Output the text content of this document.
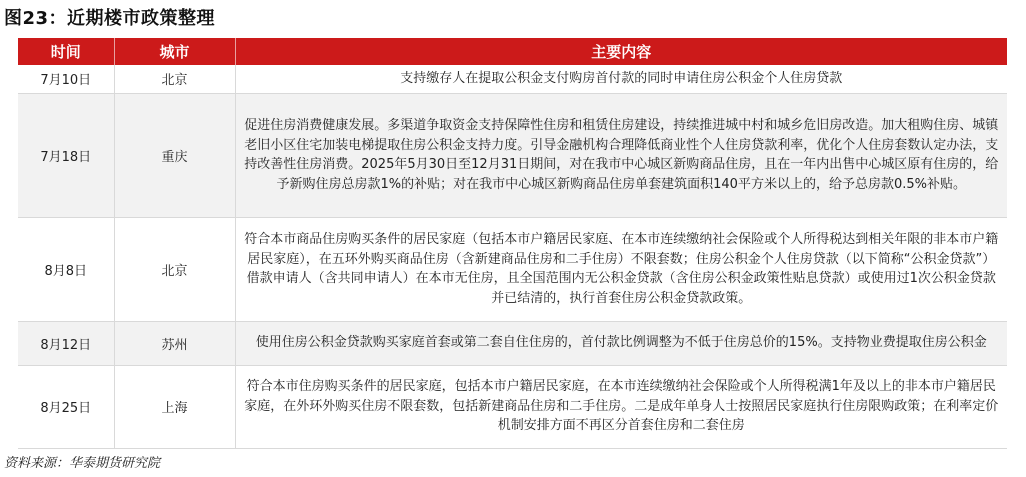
图23：近期楼市政策整理
时间	城市	主要内容
7月10日	北京	支持缴存人在提取公积金支付购房首付款的同时申请住房公积金个人住房贷款
7月18日	重庆	促进住房消费健康发展。多渠道争取资金支持保障性住房和租赁住房建设，持续推进城中村和城乡危旧房改造。加大租购住房、城镇老旧小区住宅加装电梯提取住房公积金支持力度。引导金融机构合理降低商业性个人住房贷款利率，优化个人住房套数认定办法，支持改善性住房消费。2025年5月30日至12月31日期间，对在我市中心城区新购商品住房，且在一年内出售中心城区原有住房的，给予新购住房总房款1%的补贴；对在我市中心城区新购商品住房单套建筑面积140平方米以上的，给予总房款0.5%补贴。
8月8日	北京	符合本市商品住房购买条件的居民家庭（包括本市户籍居民家庭、在本市连续缴纳社会保险或个人所得税达到相关年限的非本市户籍居民家庭），在五环外购买商品住房（含新建商品住房和二手住房）不限套数；住房公积金个人住房贷款（以下简称“公积金贷款”）借款申请人（含共同申请人）在本市无住房，且全国范围内无公积金贷款（含住房公积金政策性贴息贷款）或使用过1次公积金贷款并已结清的，执行首套住房公积金贷款政策。
8月12日	苏州	使用住房公积金贷款购买家庭首套或第二套自住住房的，首付款比例调整为不低于住房总价的15%。支持物业费提取住房公积金
8月25日	上海	符合本市住房购买条件的居民家庭，包括本市户籍居民家庭，在本市连续缴纳社会保险或个人所得税满1年及以上的非本市户籍居民家庭，在外环外购买住房不限套数，包括新建商品住房和二手住房。二是成年单身人士按照居民家庭执行住房限购政策；在利率定价机制安排方面不再区分首套住房和二套住房
资料来源：华泰期货研究院
